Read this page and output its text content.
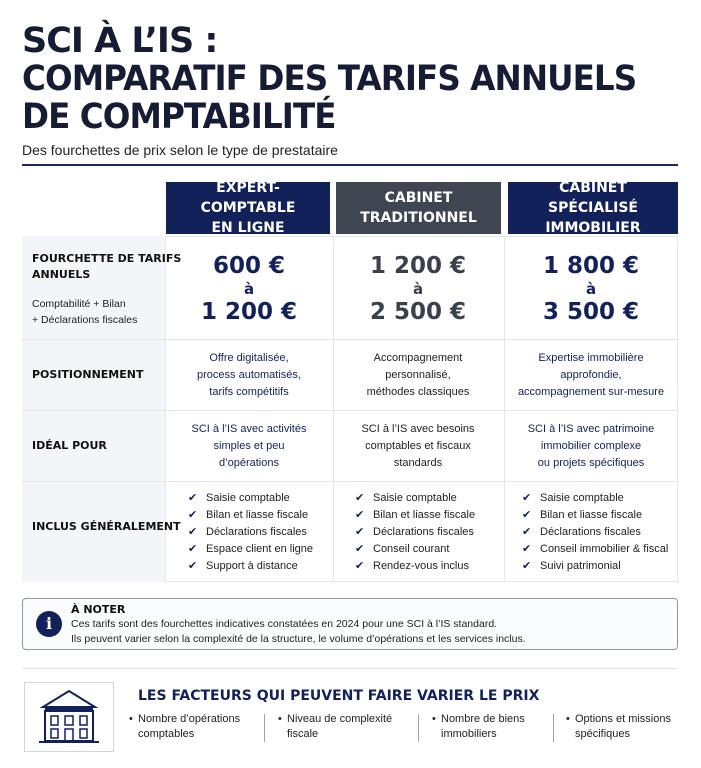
SCI À L’IS :
COMPARATIF DES TARIFS ANNUELS
DE COMPTABILITÉ
Des fourchettes de prix selon le type de prestataire
EXPERT-COMPTABLE
EN LIGNE
CABINET
TRADITIONNEL
CABINET SPÉCIALISÉ
IMMOBILIER
FOURCHETTE DE TARIFS
ANNUELS
Comptabilité + Bilan
+ Déclarations fiscales
600 €
à
1 200 €
1 200 €
à
2 500 €
1 800 €
à
3 500 €
POSITIONNEMENT
Offre digitalisée,
process automatisés,
tarifs compétitifs
Accompagnement
personnalisé,
méthodes classiques
Expertise immobilière
approfondie,
accompagnement sur-mesure
IDÉAL POUR
SCI à l’IS avec activités
simples et peu
d’opérations
SCI à l’IS avec besoins
comptables et fiscaux
standards
SCI à l’IS avec patrimoine
immobilier complexe
ou projets spécifiques
INCLUS GÉNÉRALEMENT
✔ Saisie comptable
✔ Bilan et liasse fiscale
✔ Déclarations fiscales
✔ Espace client en ligne
✔ Support à distance
✔ Saisie comptable
✔ Bilan et liasse fiscale
✔ Déclarations fiscales
✔ Conseil courant
✔ Rendez-vous inclus
✔ Saisie comptable
✔ Bilan et liasse fiscale
✔ Déclarations fiscales
✔ Conseil immobilier & fiscal
✔ Suivi patrimonial
i
À NOTER
Ces tarifs sont des fourchettes indicatives constatées en 2024 pour une SCI à l’IS standard.
Ils peuvent varier selon la complexité de la structure, le volume d’opérations et les services inclus.
LES FACTEURS QUI PEUVENT FAIRE VARIER LE PRIX
• Nombre d’opérations
comptables
• Niveau de complexité
fiscale
• Nombre de biens
immobiliers
• Options et missions
spécifiques
